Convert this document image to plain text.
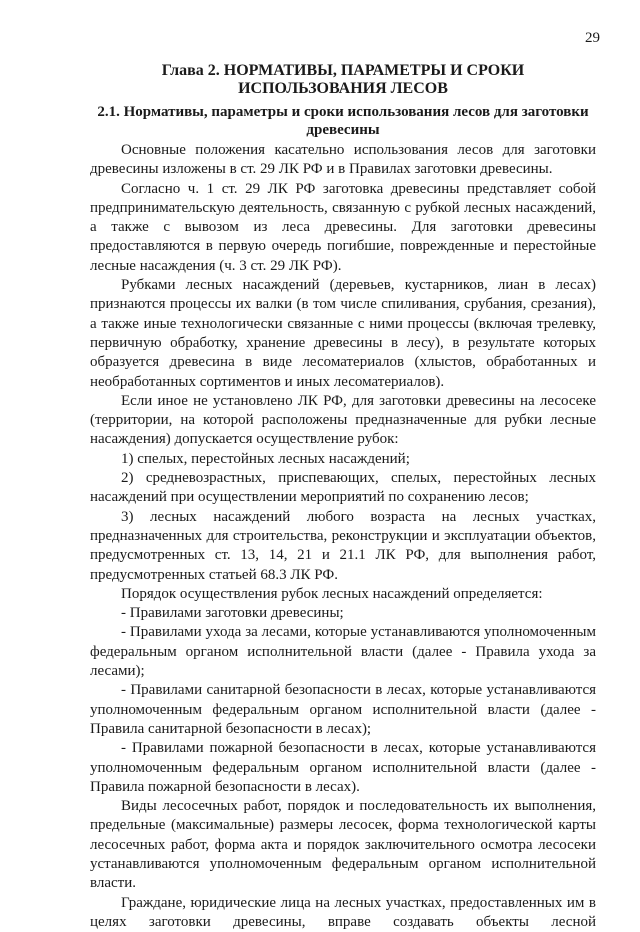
29
Глава 2. НОРМАТИВЫ, ПАРАМЕТРЫ И СРОКИ ИСПОЛЬЗОВАНИЯ ЛЕСОВ
2.1. Нормативы, параметры и сроки использования лесов для заготовки древесины

Основные положения касательно использования лесов для заготовки древесины изложены в ст. 29 ЛК РФ и в Правилах заготовки древесины.

Согласно ч. 1 ст. 29 ЛК РФ заготовка древесины представляет собой предпринимательскую деятельность, связанную с рубкой лесных насаждений, а также с вывозом из леса древесины. Для заготовки древесины предоставляются в первую очередь погибшие, поврежденные и перестойные лесные насаждения (ч. 3 ст. 29 ЛК РФ).

Рубками лесных насаждений (деревьев, кустарников, лиан в лесах) признаются процессы их валки (в том числе спиливания, срубания, срезания), а также иные технологически связанные с ними процессы (включая трелевку, первичную обработку, хранение древесины в лесу), в результате которых образуется древесина в виде лесоматериалов (хлыстов, обработанных и необработанных сортиментов и иных лесоматериалов).

Если иное не установлено ЛК РФ, для заготовки древесины на лесосеке (территории, на которой расположены предназначенные для рубки лесные насаждения) допускается осуществление рубок:

1) спелых, перестойных лесных насаждений;

2) средневозрастных, приспевающих, спелых, перестойных лесных насаждений при осуществлении мероприятий по сохранению лесов;

3) лесных насаждений любого возраста на лесных участках, предназначенных для строительства, реконструкции и эксплуатации объектов, предусмотренных ст. 13, 14, 21 и 21.1 ЛК РФ, для выполнения работ, предусмотренных статьей 68.3 ЛК РФ.

Порядок осуществления рубок лесных насаждений определяется:

- Правилами заготовки древесины;

- Правилами ухода за лесами, которые устанавливаются уполномоченным федеральным органом исполнительной власти (далее - Правила ухода за лесами);

- Правилами санитарной безопасности в лесах, которые устанавливаются уполномоченным федеральным органом исполнительной власти (далее - Правила санитарной безопасности в лесах);

- Правилами пожарной безопасности в лесах, которые устанавливаются уполномоченным федеральным органом исполнительной власти (далее - Правила пожарной безопасности в лесах).

Виды лесосечных работ, порядок и последовательность их выполнения, предельные (максимальные) размеры лесосек, форма технологической карты лесосечных работ, форма акта и порядок заключительного осмотра лесосеки устанавливаются уполномоченным федеральным органом исполнительной власти.

Граждане, юридические лица на лесных участках, предоставленных им в целях заготовки древесины, вправе создавать объекты лесной
